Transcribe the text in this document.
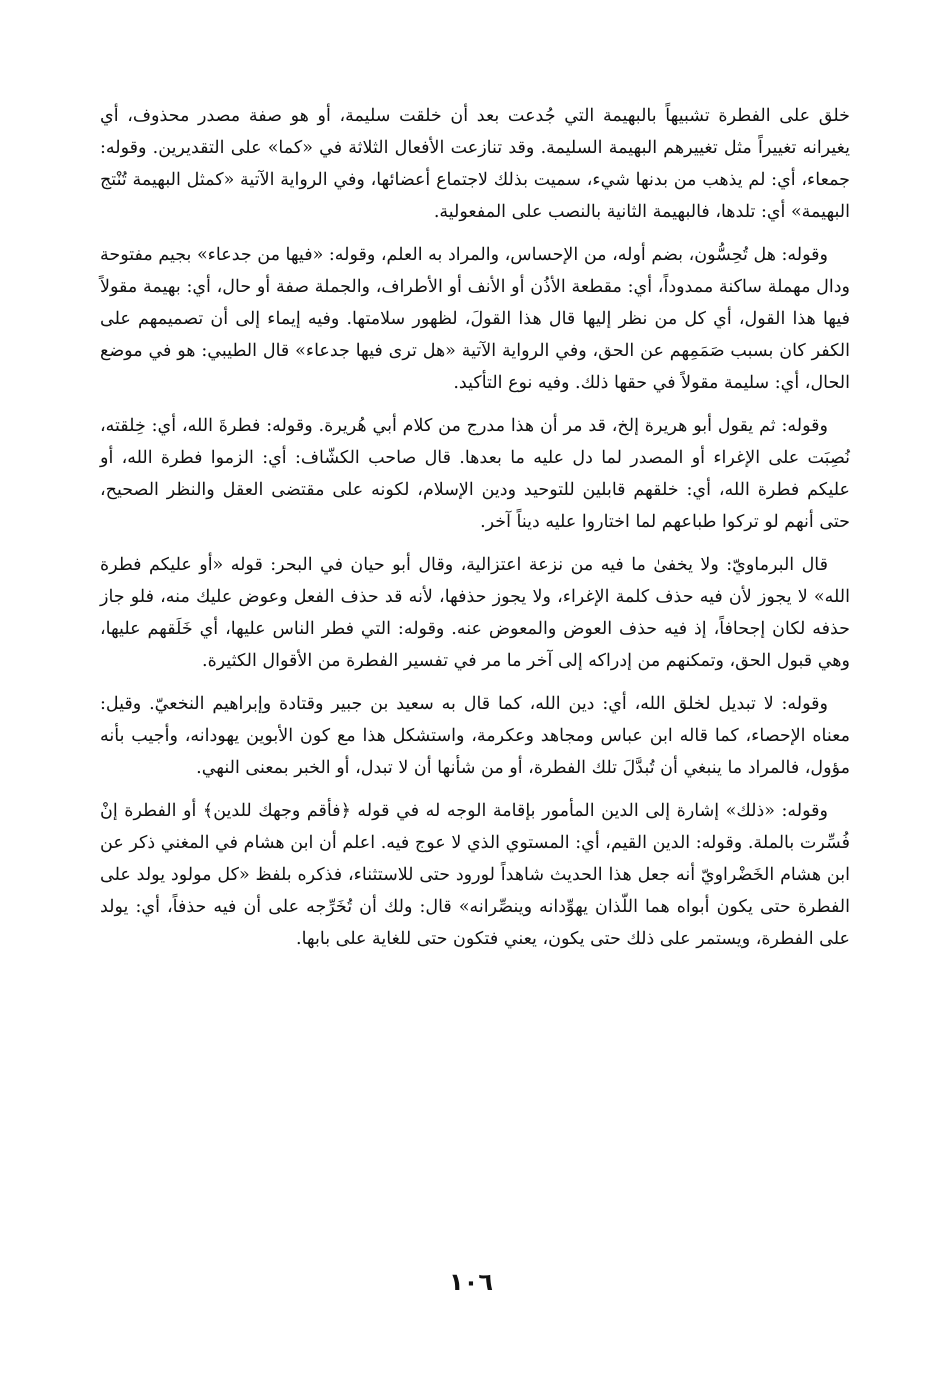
خلق على الفطرة تشبيهاً بالبهيمة التي جُدعت بعد أن خلقت سليمة، أو هو صفة مصدر محذوف، أي يغيرانه تغييراً مثل تغييرهم البهيمة السليمة. وقد تنازعت الأفعال الثلاثة في «كما» على التقديرين. وقوله: جمعاء، أي: لم يذهب من بدنها شيء، سميت بذلك لاجتماع أعضائها، وفي الرواية الآتية «كمثل البهيمة تُنْتج البهيمة» أي: تلدها، فالبهيمة الثانية بالنصب على المفعولية.

وقوله: هل تُحِسُّون، بضم أوله، من الإحساس، والمراد به العلم، وقوله: «فيها من جدعاء» بجيم مفتوحة ودال مهملة ساكنة ممدوداً، أي: مقطعة الأذُن أو الأنف أو الأطراف، والجملة صفة أو حال، أي: بهيمة مقولاً فيها هذا القول، أي كل من نظر إليها قال هذا القولَ، لظهور سلامتها. وفيه إيماء إلى أن تصميمهم على الكفر كان بسبب صَمَمِهم عن الحق، وفي الرواية الآتية «هل ترى فيها جدعاء» قال الطيبي: هو في موضع الحال، أي: سليمة مقولاً في حقها ذلك. وفيه نوع التأكيد.

وقوله: ثم يقول أبو هريرة إلخ، قد مر أن هذا مدرج من كلام أبي هُريرة. وقوله: فطرةَ الله، أي: خِلقته، نُصِبَت على الإغراء أو المصدر لما دل عليه ما بعدها. قال صاحب الكشّاف: أي: الزموا فطرة الله، أو عليكم فطرة الله، أي: خلقهم قابلين للتوحيد ودين الإسلام، لكونه على مقتضى العقل والنظر الصحيح، حتى أنهم لو تركوا طباعهم لما اختاروا عليه ديناً آخر.

قال البرماويّ: ولا يخفىٰ ما فيه من نزعة اعتزالية، وقال أبو حيان في البحر: قوله «أو عليكم فطرة الله» لا يجوز لأن فيه حذف كلمة الإغراء، ولا يجوز حذفها، لأنه قد حذف الفعل وعوض عليك منه، فلو جاز حذفه لكان إجحافاً، إذ فيه حذف العوض والمعوض عنه. وقوله: التي فطر الناس عليها، أي خَلَقهم عليها، وهي قبول الحق، وتمكنهم من إدراكه إلى آخر ما مر في تفسير الفطرة من الأقوال الكثيرة.

وقوله: لا تبديل لخلق الله، أي: دين الله، كما قال به سعيد بن جبير وقتادة وإبراهيم النخعيّ. وقيل: معناه الإحصاء، كما قاله ابن عباس ومجاهد وعكرمة، واستشكل هذا مع كون الأبوين يهودانه، وأجيب بأنه مؤول، فالمراد ما ينبغي أن تُبدَّلَ تلك الفطرة، أو من شأنها أن لا تبدل، أو الخبر بمعنى النهي.

وقوله: «ذلك» إشارة إلى الدين المأمور بإقامة الوجه له في قوله ﴿فأقم وجهك للدين﴾ أو الفطرة إنْ فُسِّرت بالملة. وقوله: الدين القيم، أي: المستوي الذي لا عوج فيه. اعلم أن ابن هشام في المغني ذكر عن ابن هشام الخَضْراويّ أنه جعل هذا الحديث شاهداً لورود حتى للاستثناء، فذكره بلفظ «كل مولود يولد على الفطرة حتى يكون أبواه هما اللّذان يهوِّدانه وينصِّرانه» قال: ولك أن تُخَرِّجه على أن فيه حذفاً، أي: يولد على الفطرة، ويستمر على ذلك حتى يكون، يعني فتكون حتى للغاية على بابها.

١٠٦
